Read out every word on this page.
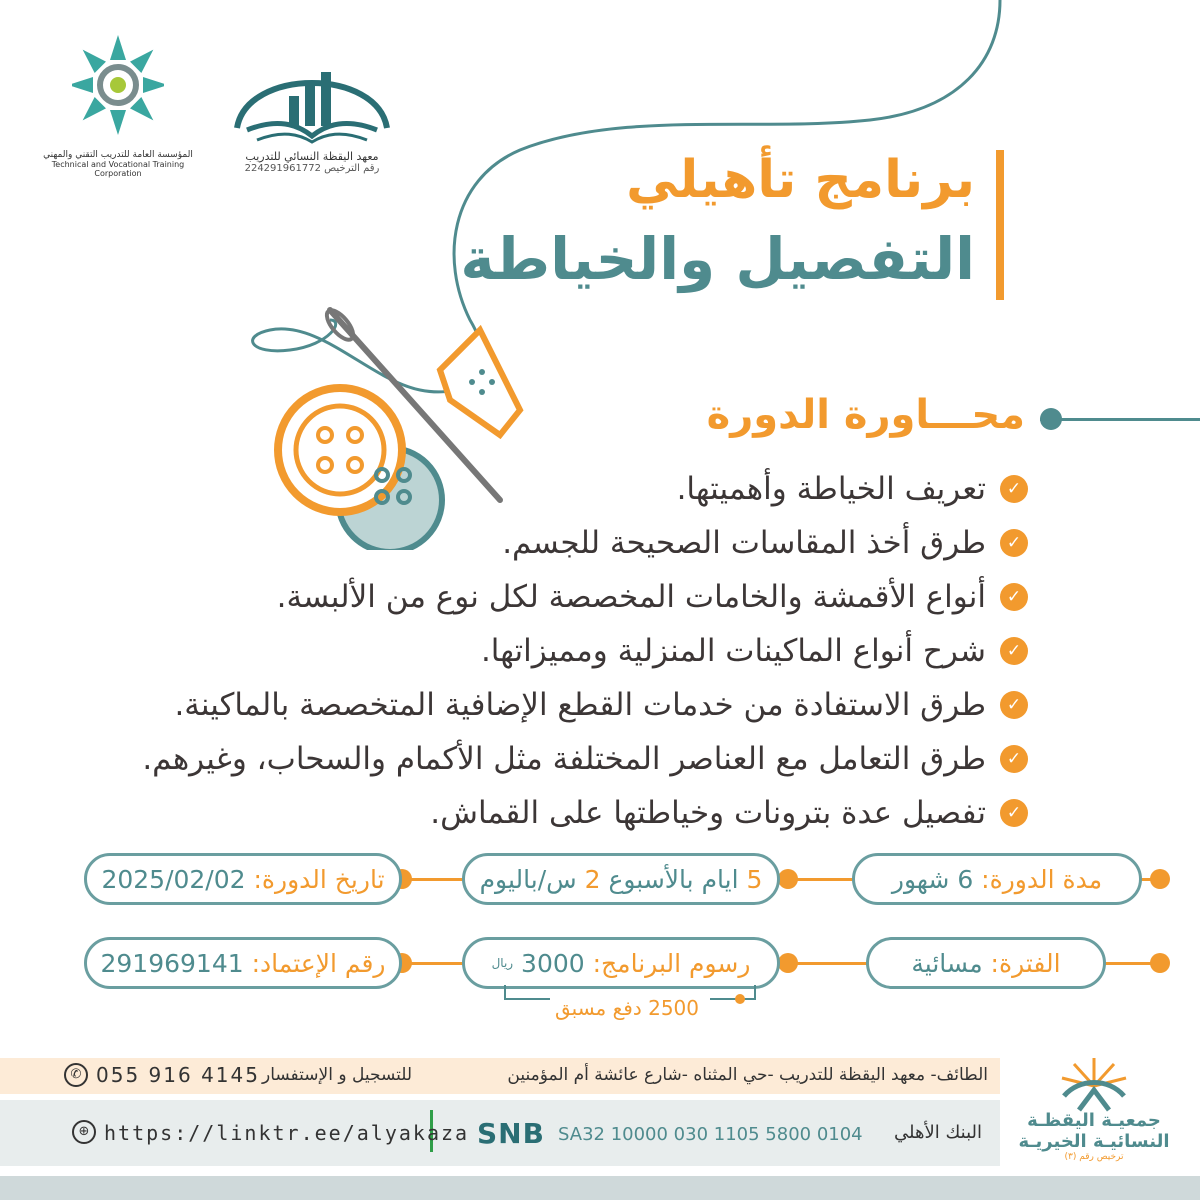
المؤسسة العامة للتدريب التقني والمهني
Technical and Vocational Training Corporation
معهد اليقظة النسائي للتدريب
رقم الترخيص 224291961772	برنامج تأهيلي
التفصيل والخياطة
محـــاورة الدورة
✓
تعريف الخياطة وأهميتها.
✓
طرق أخذ المقاسات الصحيحة للجسم.
✓
أنواع الأقمشة والخامات المخصصة لكل نوع من الألبسة.
✓
شرح أنواع الماكينات المنزلية ومميزاتها.
✓
طرق الاستفادة من خدمات القطع الإضافية المتخصصة بالماكينة.
✓
طرق التعامل مع العناصر المختلفة مثل الأكمام والسحاب، وغيرهم.
✓
تفصيل عدة بترونات وخياطتها على القماش.
مدة الدورة:

6 شهور
5

ايام بالأسبوع

2

س/باليوم
تاريخ الدورة:

2025/02/02
الفترة:

مسائية
رسوم البرنامج:

3000

ريال
رقم الإعتماد:

291969141
2500 دفع مسبق
الطائف- معهد اليقظة للتدريب -حي المثناه -شارع عائشة أم المؤمنين
للتسجيل و الإستفسار
055 916 4145
✆
البنك الأهلي
SA32 10000 030 1105 5800 0104
SNB
⊕ https://linktr.ee/alyakaza
جمعيـة اليقظـة
النسائيـة الخيريـة
ترخيص رقم (٣)
